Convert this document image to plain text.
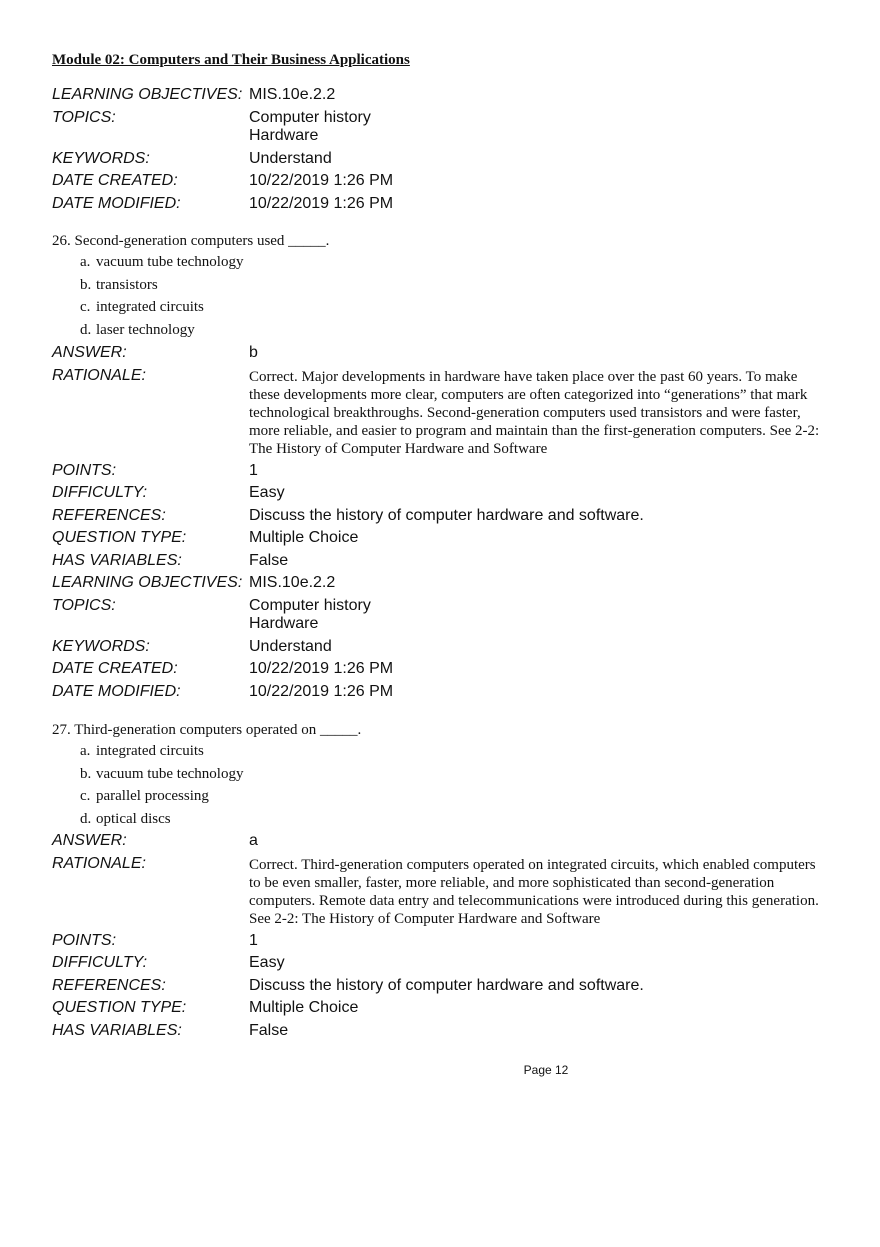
Module 02: Computers and Their Business Applications
LEARNING OBJECTIVES: MIS.10e.2.2
TOPICS:	Computer history
Hardware
KEYWORDS:	Understand
DATE CREATED:	10/22/2019 1:26 PM
DATE MODIFIED:	10/22/2019 1:26 PM
26. Second-generation computers used _____.
a. vacuum tube technology
b. transistors
c. integrated circuits
d. laser technology
ANSWER:	b
RATIONALE:	Correct. Major developments in hardware have taken place over the past 60 years. To make these developments more clear, computers are often categorized into “generations” that mark technological breakthroughs. Second-generation computers used transistors and were faster, more reliable, and easier to program and maintain than the first-generation computers. See 2-2: The History of Computer Hardware and Software
POINTS:	1
DIFFICULTY:	Easy
REFERENCES:	Discuss the history of computer hardware and software.
QUESTION TYPE:	Multiple Choice
HAS VARIABLES:	False
LEARNING OBJECTIVES: MIS.10e.2.2
TOPICS:	Computer history
Hardware
KEYWORDS:	Understand
DATE CREATED:	10/22/2019 1:26 PM
DATE MODIFIED:	10/22/2019 1:26 PM
27. Third-generation computers operated on _____.
a. integrated circuits
b. vacuum tube technology
c. parallel processing
d. optical discs
ANSWER:	a
RATIONALE:	Correct. Third-generation computers operated on integrated circuits, which enabled computers to be even smaller, faster, more reliable, and more sophisticated than second-generation computers. Remote data entry and telecommunications were introduced during this generation. See 2-2: The History of Computer Hardware and Software
POINTS:	1
DIFFICULTY:	Easy
REFERENCES:	Discuss the history of computer hardware and software.
QUESTION TYPE:	Multiple Choice
HAS VARIABLES:	False
Page 12
